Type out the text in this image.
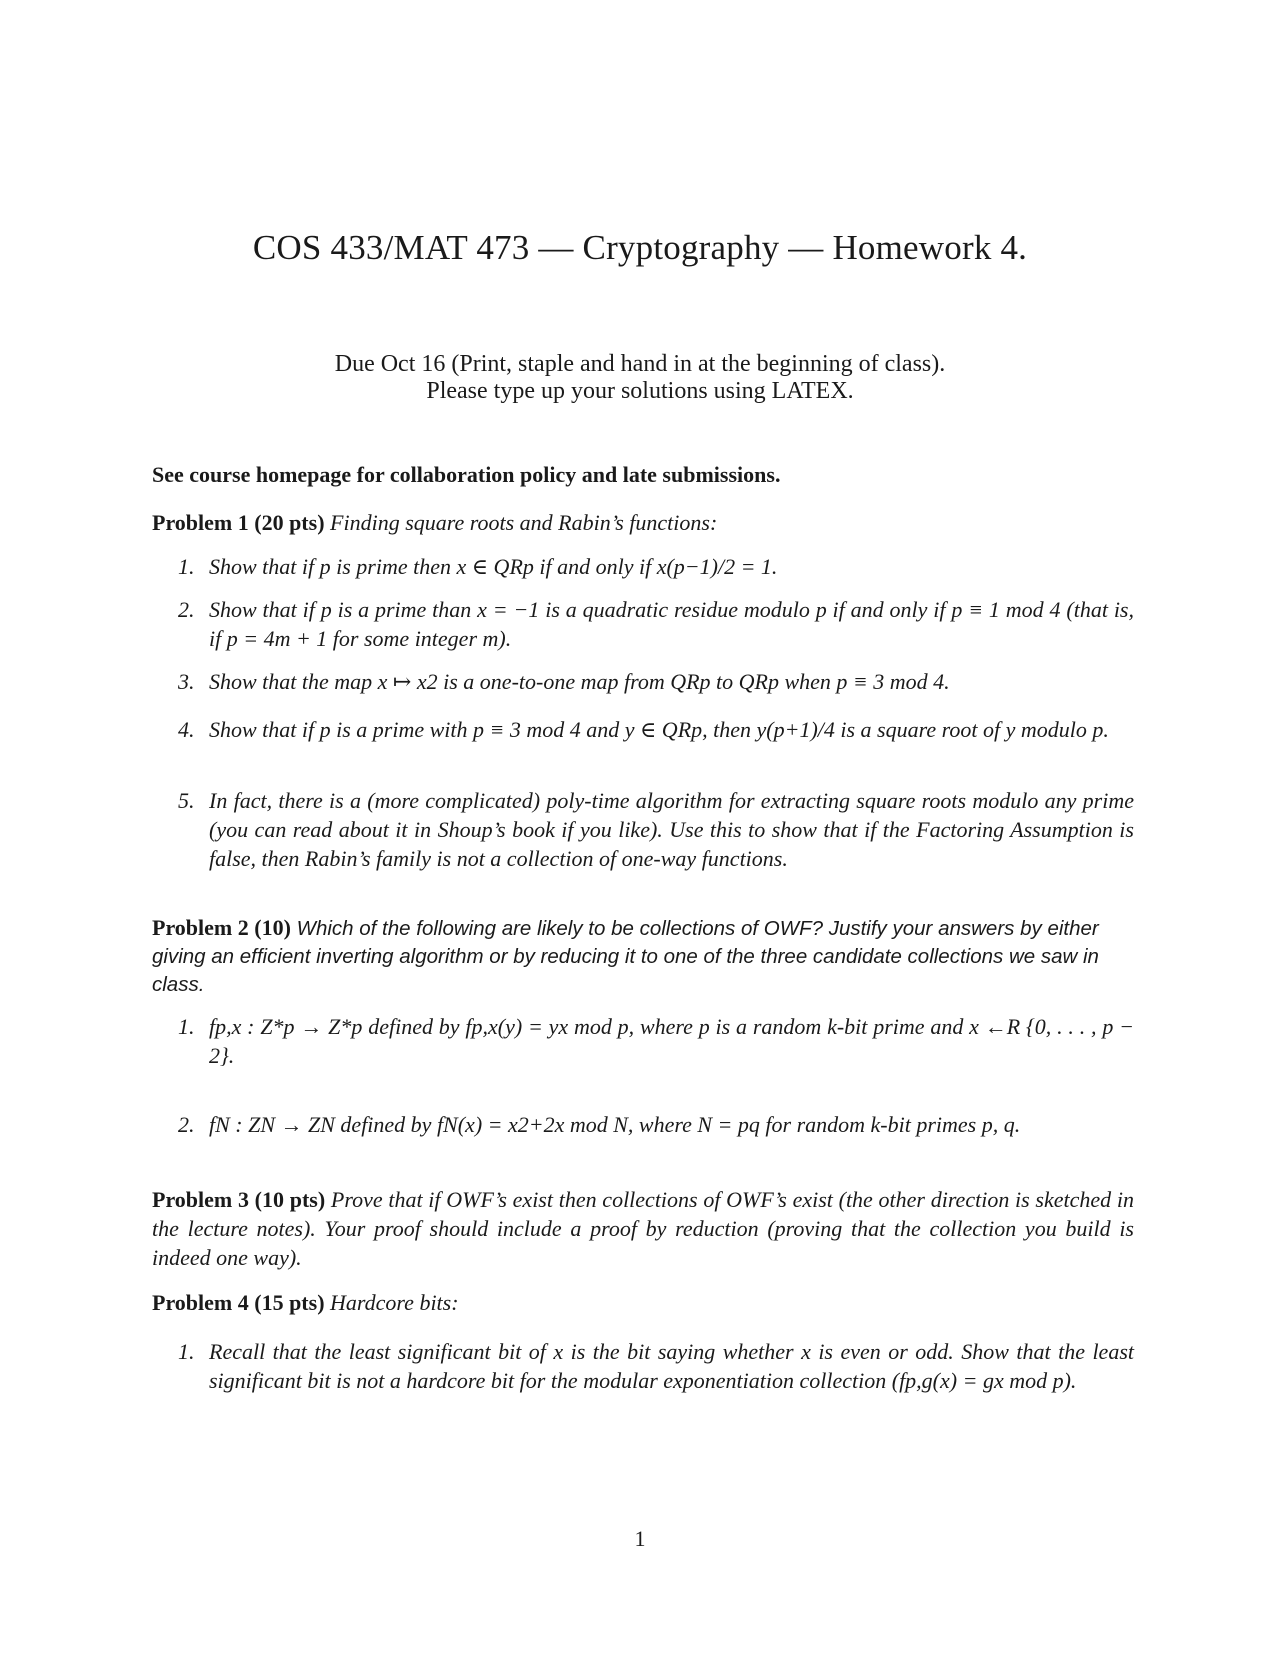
COS 433/MAT 473 — Cryptography — Homework 4.
Due Oct 16 (Print, staple and hand in at the beginning of class).
Please type up your solutions using LATEX.
See course homepage for collaboration policy and late submissions.
Problem 1 (20 pts) Finding square roots and Rabin’s functions:
1. Show that if p is prime then x ∈ QRp if and only if x(p−1)/2 = 1.
2. Show that if p is a prime than x = −1 is a quadratic residue modulo p if and only if p ≡ 1 mod 4 (that is, if p = 4m + 1 for some integer m).
3. Show that the map x ↦ x2 is a one-to-one map from QRp to QRp when p ≡ 3 mod 4.
4. Show that if p is a prime with p ≡ 3 mod 4 and y ∈ QRp, then y(p+1)/4 is a square root of y modulo p.
5. In fact, there is a (more complicated) poly-time algorithm for extracting square roots modulo any prime (you can read about it in Shoup’s book if you like). Use this to show that if the Factoring Assumption is false, then Rabin’s family is not a collection of one-way functions.
Problem 2 (10) Which of the following are likely to be collections of OWF? Justify your answers by either giving an efficient inverting algorithm or by reducing it to one of the three candidate collections we saw in class.
1. fp,x : Z*p → Z*p defined by fp,x(y) = yx mod p, where p is a random k-bit prime and x ←R {0, . . . , p − 2}.
2. fN : ZN → ZN defined by fN(x) = x2+2x mod N, where N = pq for random k-bit primes p, q.
Problem 3 (10 pts) Prove that if OWF’s exist then collections of OWF’s exist (the other direction is sketched in the lecture notes). Your proof should include a proof by reduction (proving that the collection you build is indeed one way).
Problem 4 (15 pts) Hardcore bits:
1. Recall that the least significant bit of x is the bit saying whether x is even or odd. Show that the least significant bit is not a hardcore bit for the modular exponentiation collection (fp,g(x) = gx mod p).
1
